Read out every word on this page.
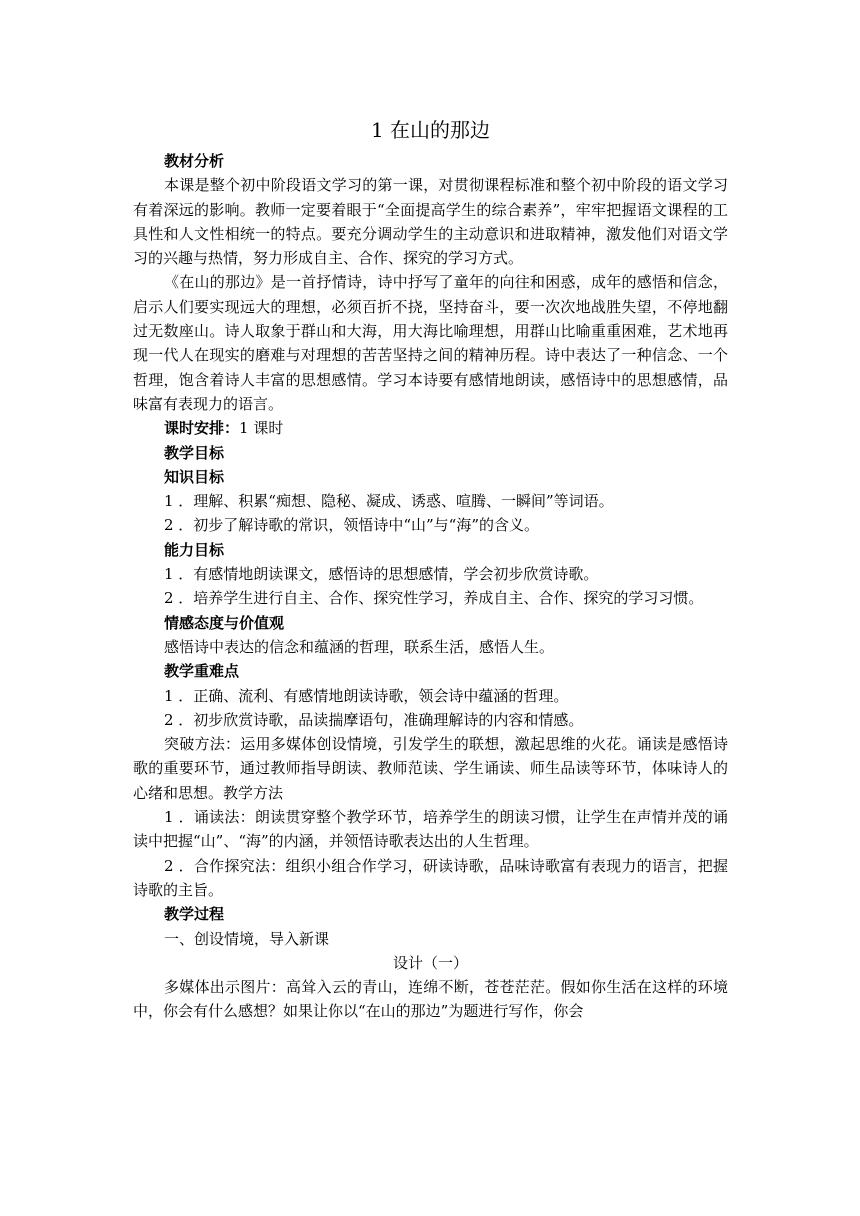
1 在山的那边

教材分析

本课是整个初中阶段语文学习的第一课，对贯彻课程标准和整个初中阶段的语文学习有着深远的影响。教师一定要着眼于“全面提高学生的综合素养”，牢牢把握语文课程的工具性和人文性相统一的特点。要充分调动学生的主动意识和进取精神，激发他们对语文学习的兴趣与热情，努力形成自主、合作、探究的学习方式。

《在山的那边》是一首抒情诗，诗中抒写了童年的向往和困惑，成年的感悟和信念，启示人们要实现远大的理想，必须百折不挠，坚持奋斗，要一次次地战胜失望，不停地翻过无数座山。诗人取象于群山和大海，用大海比喻理想，用群山比喻重重困难，艺术地再现一代人在现实的磨难与对理想的苦苦坚持之间的精神历程。诗中表达了一种信念、一个哲理，饱含着诗人丰富的思想感情。学习本诗要有感情地朗读，感悟诗中的思想感情，品味富有表现力的语言。

课时安排：1 课时

教学目标

知识目标

1 ．理解、积累“痴想、隐秘、凝成、诱惑、喧腾、一瞬间”等词语。

2 ．初步了解诗歌的常识，领悟诗中“山”与“海”的含义。

能力目标

1 ．有感情地朗读课文，感悟诗的思想感情，学会初步欣赏诗歌。

2 ．培养学生进行自主、合作、探究性学习，养成自主、合作、探究的学习习惯。

情感态度与价值观

感悟诗中表达的信念和蕴涵的哲理，联系生活，感悟人生。

教学重难点

1 ．正确、流利、有感情地朗读诗歌，领会诗中蕴涵的哲理。

2 ．初步欣赏诗歌，品读揣摩语句，准确理解诗的内容和情感。

突破方法：运用多媒体创设情境，引发学生的联想，激起思维的火花。诵读是感悟诗歌的重要环节，通过教师指导朗读、教师范读、学生诵读、师生品读等环节，体味诗人的心绪和思想。教学方法

1 ．诵读法：朗读贯穿整个教学环节，培养学生的朗读习惯，让学生在声情并茂的诵读中把握“山”、“海”的内涵，并领悟诗歌表达出的人生哲理。

2 ．合作探究法：组织小组合作学习，研读诗歌，品味诗歌富有表现力的语言，把握诗歌的主旨。

教学过程

一、创设情境，导入新课

设计（一）

多媒体出示图片：高耸入云的青山，连绵不断，苍苍茫茫。假如你生活在这样的环境中，你会有什么感想？如果让你以“在山的那边”为题进行写作，你会
